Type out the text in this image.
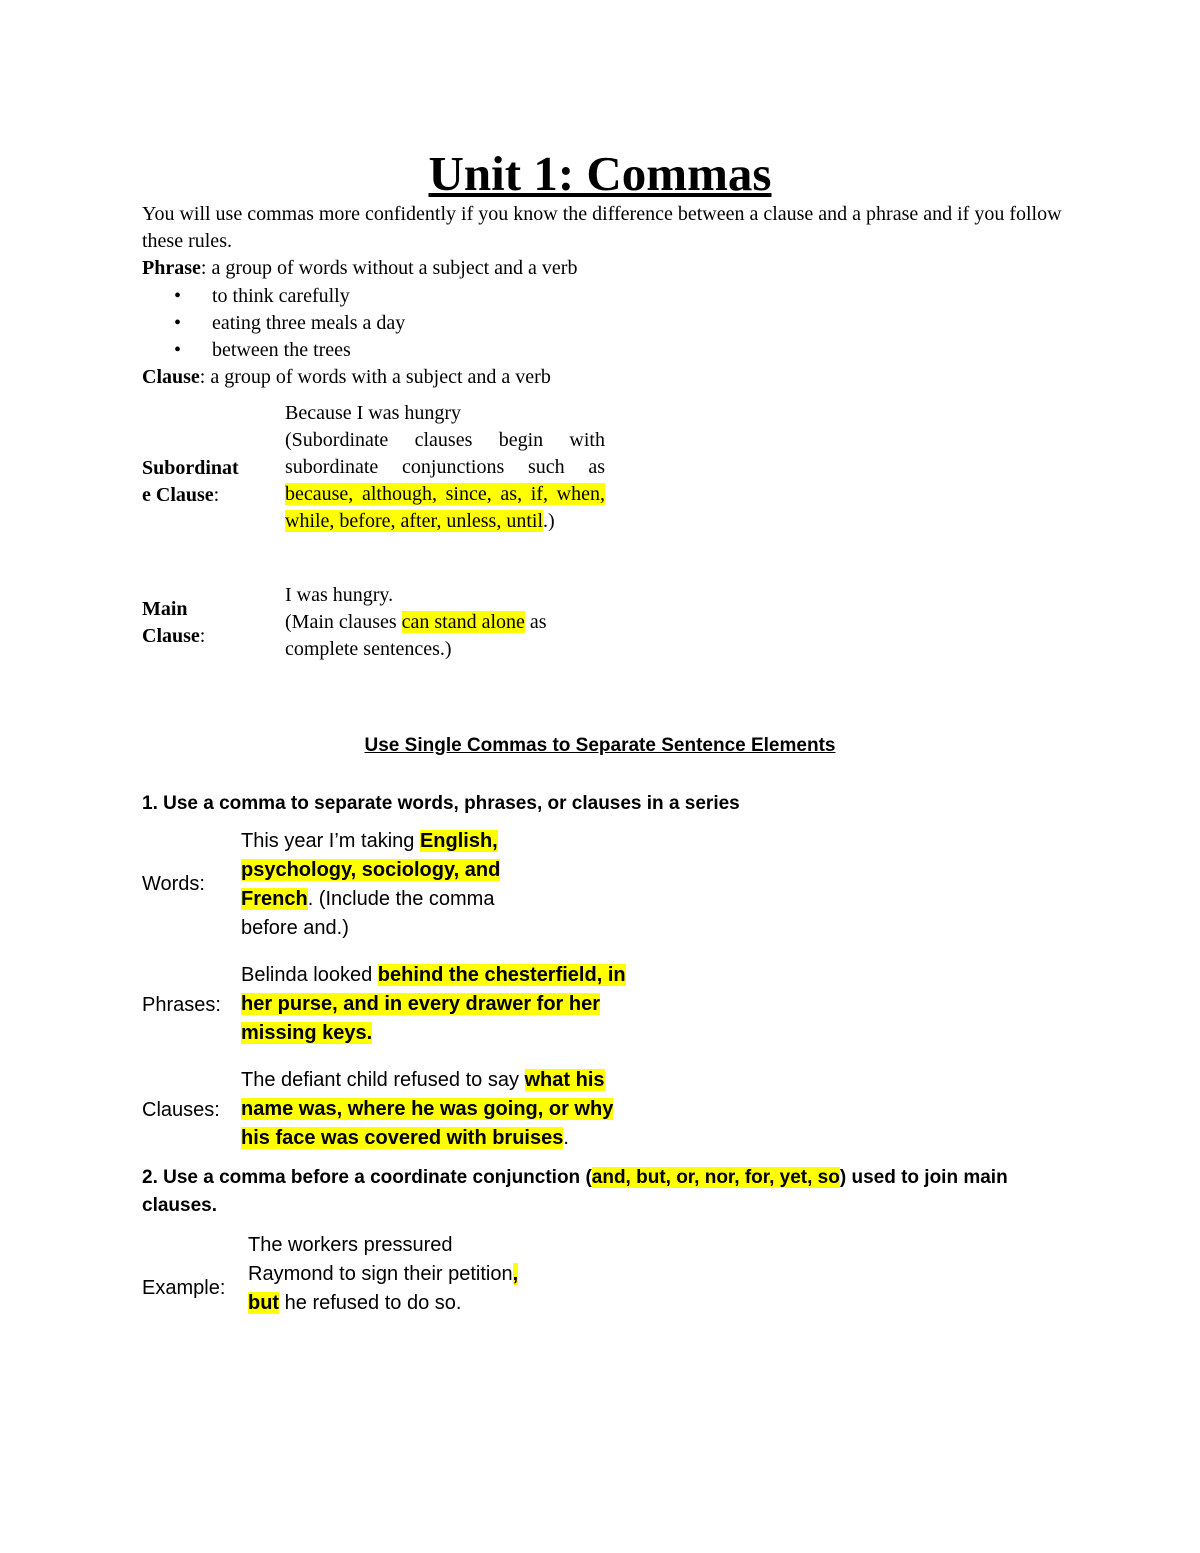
Unit 1: Commas
You will use commas more confidently if you know the difference between a clause and a phrase and if you follow these rules.
Phrase: a group of words without a subject and a verb
• to think carefully
• eating three meals a day
• between the trees
Clause: a group of words with a subject and a verb
Subordinat
e Clause:
Because I was hungry
(Subordinate clauses begin with subordinate conjunctions such as because, although, since, as, if, when, while, before, after, unless, until.)
Main
Clause:
I was hungry.
(Main clauses can stand alone as complete sentences.)
Use Single Commas to Separate Sentence Elements
1. Use a comma to separate words, phrases, or clauses in a series
Words:
This year I’m taking English, psychology, sociology, and French. (Include the comma before and.)
Phrases:
Belinda looked behind the chesterfield, in her purse, and in every drawer for her missing keys.
Clauses:
The defiant child refused to say what his name was, where he was going, or why his face was covered with bruises.
2. Use a comma before a coordinate conjunction (and, but, or, nor, for, yet, so) used to join main clauses.
Example:
The workers pressured Raymond to sign their petition, but he refused to do so.
